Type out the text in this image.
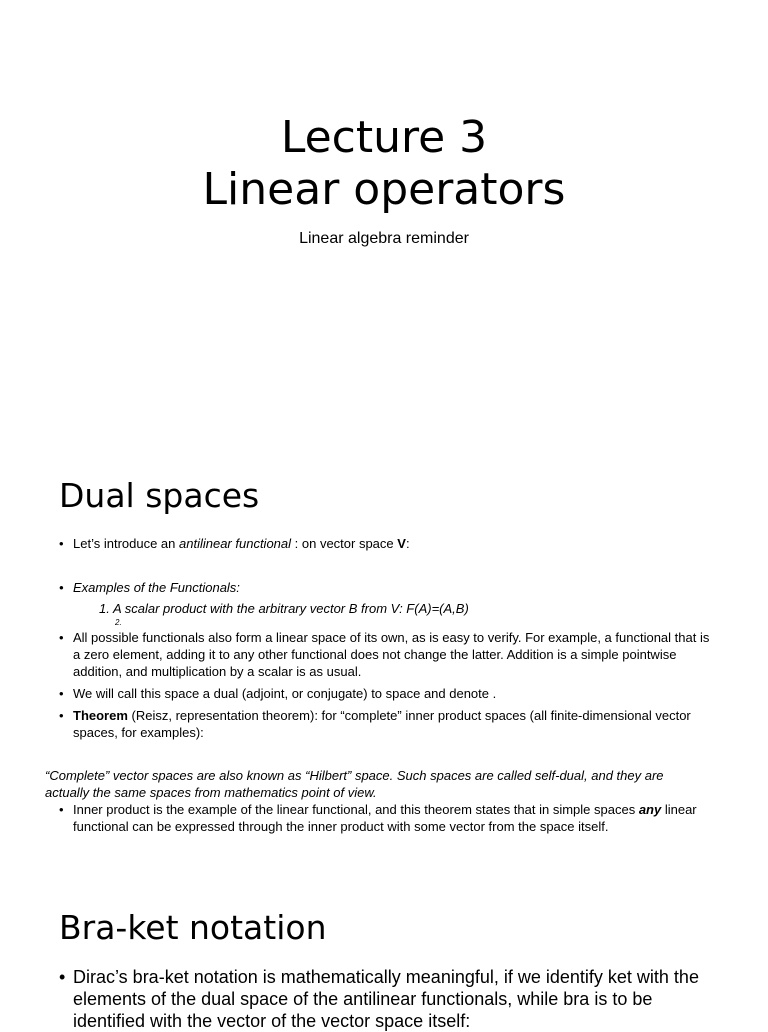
Lecture 3
Linear operators
Linear algebra reminder
Dual spaces
• Let’s introduce an antilinear functional : on vector space V:
• Examples of the Functionals:
1. A scalar product with the arbitrary vector B from V: F(A)=(A,B)
2.
• All possible functionals also form a linear space of its own, as is easy to verify. For example, a functional that is a zero element, adding it to any other functional does not change the latter. Addition is a simple pointwise addition, and multiplication by a scalar is as usual.
• We will call this space a dual (adjoint, or conjugate) to space and denote .
• Theorem (Reisz, representation theorem): for “complete” inner product spaces (all finite-dimensional vector spaces, for examples):
“Complete” vector spaces are also known as “Hilbert” space. Such spaces are called self-dual, and they are actually the same spaces from mathematics point of view.
• Inner product is the example of the linear functional, and this theorem states that in simple spaces any linear functional can be expressed through the inner product with some vector from the space itself.
Bra-ket notation
• Dirac’s bra-ket notation is mathematically meaningful, if we identify ket with the elements of the dual space of the antilinear functionals, while bra is to be identified with the vector of the vector space itself:
